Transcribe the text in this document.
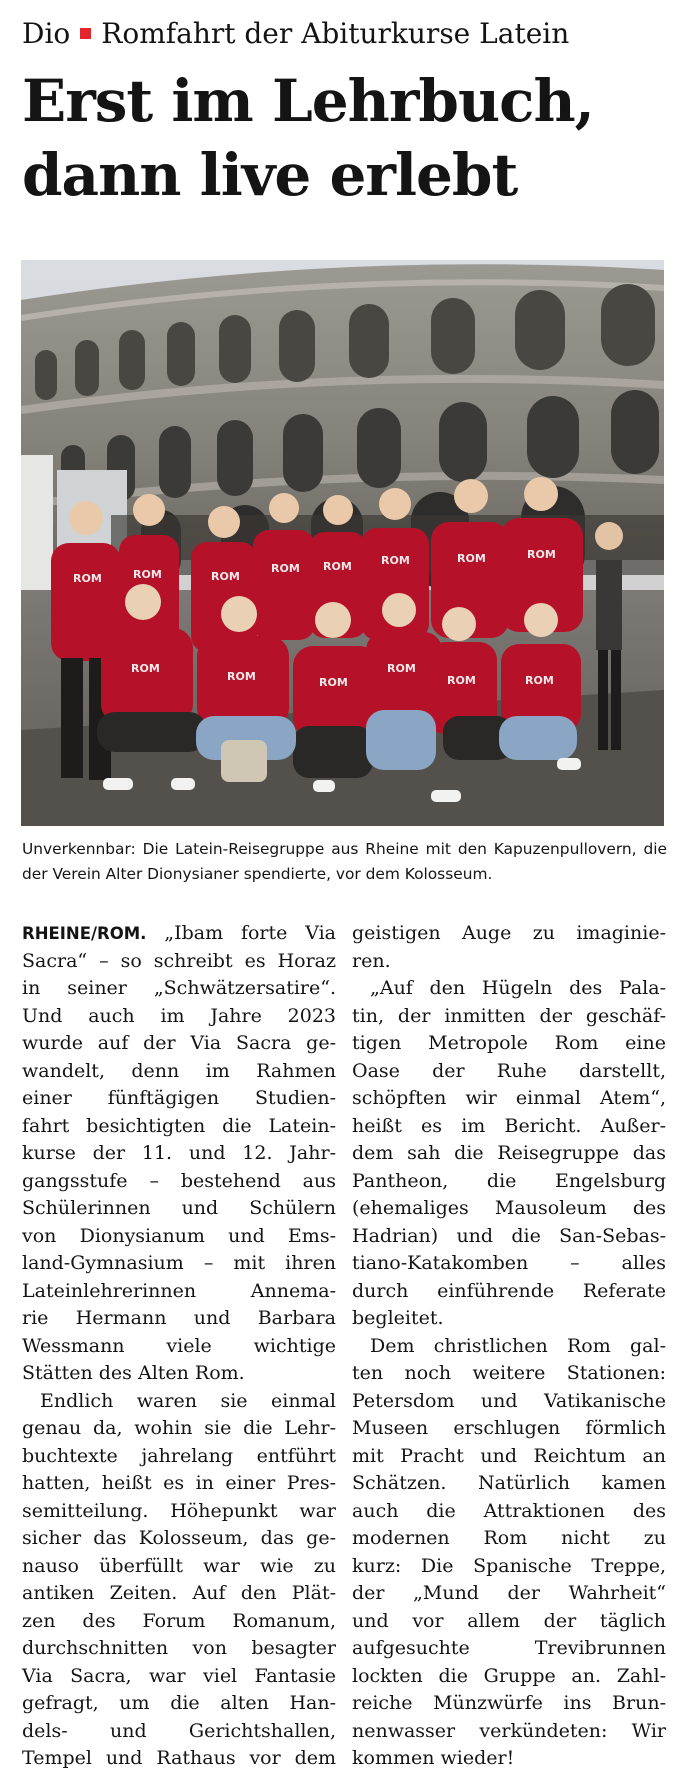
Dio Romfahrt der Abiturkurse Latein
Erst im Lehrbuch,
dann live erlebt
ROM	ROM	ROM
ROM ROM	ROM	ROM	ROM
ROM
ROM	ROM
ROM
ROM	ROM
Unverkennbar: Die Latein-Reisegruppe aus Rheine mit den Kapuzenpullovern, die der Verein Alter Dionysianer spendierte, vor dem Kolosseum.
RHEINE/ROM. „Ibam forte Via
Sacra“ – so schreibt es Horaz
in seiner „Schwätzersatire“.
Und auch im Jahre 2023
wurde auf der Via Sacra ge-
wandelt, denn im Rahmen
einer fünftägigen Studien-
fahrt besichtigten die Latein-
kurse der 11. und 12. Jahr-
gangsstufe – bestehend aus
Schülerinnen und Schülern
von Dionysianum und Ems-
land-Gymnasium – mit ihren
Lateinlehrerinnen Annema-
rie Hermann und Barbara
Wessmann viele wichtige
Stätten des Alten Rom.
Endlich waren sie einmal
genau da, wohin sie die Lehr-
buchtexte jahrelang entführt
hatten, heißt es in einer Pres-
semitteilung. Höhepunkt war
sicher das Kolosseum, das ge-
nauso überfüllt war wie zu
antiken Zeiten. Auf den Plät-
zen des Forum Romanum,
durchschnitten von besagter
Via Sacra, war viel Fantasie
gefragt, um die alten Han-
dels- und Gerichtshallen,
Tempel und Rathaus vor dem
geistigen Auge zu imaginie-
ren.
„Auf den Hügeln des Pala-
tin, der inmitten der geschäf-
tigen Metropole Rom eine
Oase der Ruhe darstellt,
schöpften wir einmal Atem“,
heißt es im Bericht. Außer-
dem sah die Reisegruppe das
Pantheon, die Engelsburg
(ehemaliges Mausoleum des
Hadrian) und die San-Sebas-
tiano-Katakomben – alles
durch einführende Referate
begleitet.
Dem christlichen Rom gal-
ten noch weitere Stationen:
Petersdom und Vatikanische
Museen erschlugen förmlich
mit Pracht und Reichtum an
Schätzen. Natürlich kamen
auch die Attraktionen des
modernen Rom nicht zu
kurz: Die Spanische Treppe,
der „Mund der Wahrheit“
und vor allem der täglich
aufgesuchte Trevibrunnen
lockten die Gruppe an. Zahl-
reiche Münzwürfe ins Brun-
nenwasser verkündeten: Wir
kommen wieder!
